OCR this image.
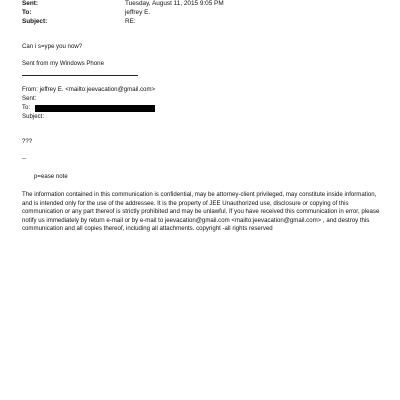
Sent:	Tuesday, August 11, 2015 9:05 PM
To:	jeffrey E.
Subject:	RE:
Can i s=ype you now?
Sent from my Windows Phone
From: jeffrey E. <mailto:jeevacation@gmail.com>
Sent:
To:
Subject:
???
--
p=ease note
The information contained in this communication is confidential, may be attorney-client privileged, may constitute inside information, and is intended only for the use of the addressee. It is the property of JEE Unauthorized use, disclosure or copying of this communication or any part thereof is strictly prohibited and may be unlawful. If you have received this communication in error, please notify us immediately by return e-mail or by e-mail to jeevacation@gmail.com <mailto:jeevacation@gmail.com> , and destroy this communication and all copies thereof, including all attachments. copyright -all rights reserved
